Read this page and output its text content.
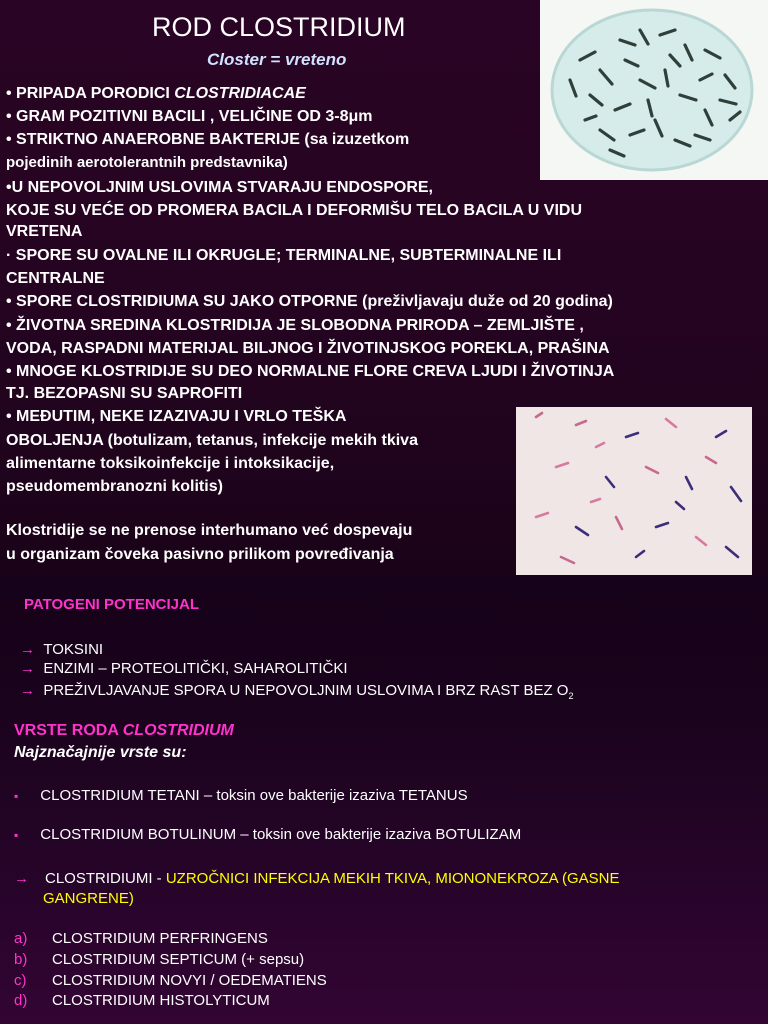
ROD CLOSTRIDIUM
Closter = vreteno
• PRIPADA PORODICI CLOSTRIDIACAE
• GRAM POZITIVNI BACILI , VELIČINE OD 3-8μm
• STRIKTNO ANAEROBNE BAKTERIJE (sa izuzetkom
pojedinih aerotolerantnih predstavnika)
•U NEPOVOLJNIM USLOVIMA STVARAJU ENDOSPORE,
KOJE SU VEĆE OD PROMERA BACILA I DEFORMIŠU TELO BACILA U VIDU
VRETENA
· SPORE SU OVALNE ILI OKRUGLE; TERMINALNE, SUBTERMINALNE ILI
CENTRALNE
• SPORE CLOSTRIDIUMA SU JAKO OTPORNE (preživljavaju duže od 20 godina)
• ŽIVOTNA SREDINA KLOSTRIDIJA JE SLOBODNA PRIRODA – ZEMLJIŠTE ,
VODA, RASPADNI MATERIJAL BILJNOG I ŽIVOTINJSKOG POREKLA, PRAŠINA
• MNOGE KLOSTRIDIJE SU DEO NORMALNE FLORE CREVA LJUDI I ŽIVOTINJA
TJ. BEZOPASNI SU SAPROFITI
• MEĐUTIM, NEKE IZAZIVAJU I VRLO TEŠKA
OBOLJENJA (botulizam, tetanus, infekcije mekih tkiva
alimentarne toksikoinfekcije i intoksikacije,
pseudomembranozni kolitis)
Klostridije se ne prenose interhumano već dospevaju
u organizam čoveka pasivno prilikom povređivanja
PATOGENI POTENCIJAL
→ TOKSINI
→ ENZIMI – PROTEOLITIČKI, SAHAROLITIČKI
→ PREŽIVLJAVANJE SPORA U NEPOVOLJNIM USLOVIMA I BRZ RAST BEZ $O_2$
VRSTE RODA CLOSTRIDIUM
Najznačajnije vrste su:
▪ CLOSTRIDIUM TETANI – toksin ove bakterije izaziva TETANUS
▪ CLOSTRIDIUM BOTULINUM – toksin ove bakterije izaziva BOTULIZAM
→ CLOSTRIDIUMI - UZROČNICI INFEKCIJA MEKIH TKIVA, MIONONEKROZA (GASNE
GANGRENE)
a) CLOSTRIDIUM PERFRINGENS
b) CLOSTRIDIUM SEPTICUM (+ sepsu)
c) CLOSTRIDIUM NOVYI / OEDEMATIENS
d) CLOSTRIDIUM HISTOLYTICUM
